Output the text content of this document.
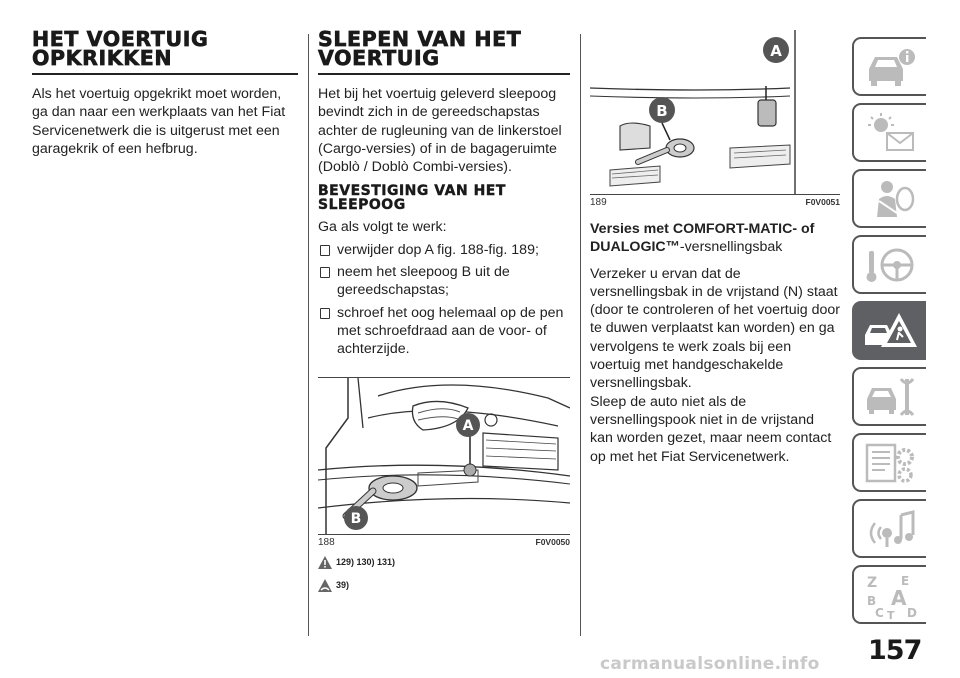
HET VOERTUIG OPKRIKKEN

Als het voertuig opgekrikt moet worden, ga dan naar een werkplaats van het Fiat Servicenetwerk die is uitgerust met een garagekrik of een hefbrug.

SLEPEN VAN HET VOERTUIG

Het bij het voertuig geleverd sleepoog bevindt zich in de gereedschapstas achter de rugleuning van de linkerstoel (Cargo-versies) of in de bagageruimte (Doblò / Doblò Combi-versies).

BEVESTIGING VAN HET SLEEPOOG

Ga als volgt te werk:

verwijder dop A fig. 188-fig. 189;
neem het sleepoog B uit de gereedschapstas;
schroef het oog helemaal op de pen met schroefdraad aan de voor- of achterzijde.
A
B
188	F0V0050
129) 130) 131)
39)
A
B
189	F0V0051

Versies met COMFORT-MATIC- of DUALOGIC™-versnellingsbak

Verzeker u ervan dat de versnellingsbak in de vrijstand (N) staat (door te controleren of het voertuig door te duwen verplaatst kan worden) en ga vervolgens te werk zoals bij een voertuig met handgeschakelde versnellingsbak.

Sleep de auto niet als de versnellingspook niet in de vrijstand kan worden gezet, maar neem contact op met het Fiat Servicenetwerk.

Z E
A
B
C D
T
157
carmanualsonline.info
